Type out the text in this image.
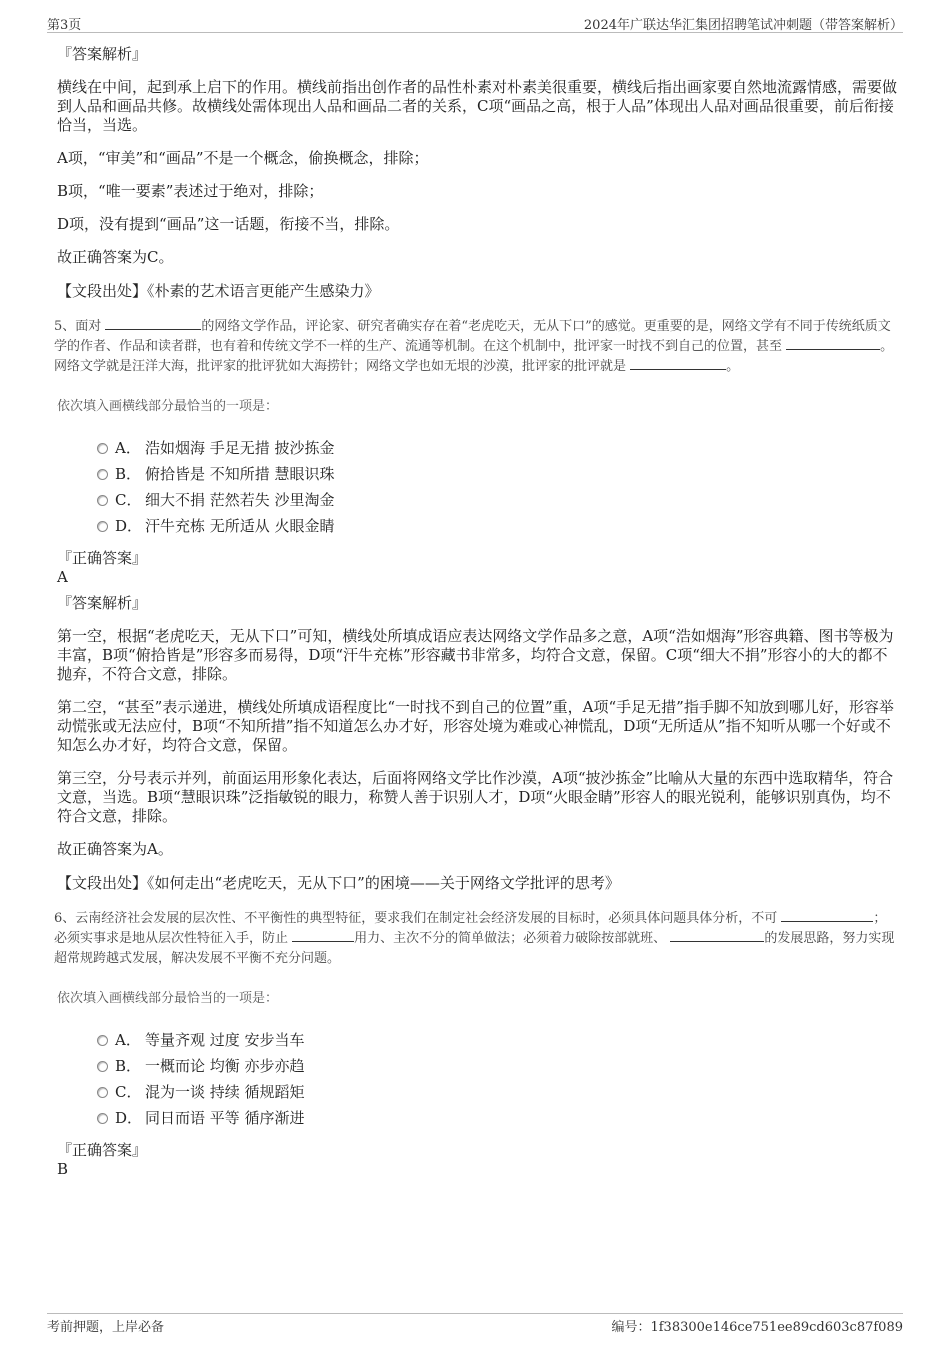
第3页	2024年广联达华汇集团招聘笔试冲刺题（带答案解析）
『答案解析』
横线在中间，起到承上启下的作用。横线前指出创作者的品性朴素对朴素美很重要，横线后指出画家要自然地流露情感，需要做到人品和画品共修。故横线处需体现出人品和画品二者的关系，C项“画品之高，根于人品”体现出人品对画品很重要，前后衔接恰当，当选。
A项，“审美”和“画品”不是一个概念，偷换概念，排除；
B项，“唯一要素”表述过于绝对，排除；
D项，没有提到“画品”这一话题，衔接不当，排除。
故正确答案为C。
【文段出处】《朴素的艺术语言更能产生感染力》
5、面对	的网络文学作品，评论家、研究者确实存在着“老虎吃天，无从下口”的感觉。更重要的是，网络文学有不同于传统纸质文学的作者、作品和读者群，也有着和传统文学不一样的生产、流通等机制。在这个机制中，批评家一时找不到自己的位置，甚至	。网络文学就是汪洋大海，批评家的批评犹如大海捞针；网络文学也如无垠的沙漠，批评家的批评就是	。
依次填入画横线部分最恰当的一项是：
A． 浩如烟海 手足无措 披沙拣金
B． 俯拾皆是 不知所措 慧眼识珠
C． 细大不捐 茫然若失 沙里淘金
D． 汗牛充栋 无所适从 火眼金睛
『正确答案』
A
『答案解析』
第一空，根据“老虎吃天，无从下口”可知，横线处所填成语应表达网络文学作品多之意，A项“浩如烟海”形容典籍、图书等极为丰富，B项“俯拾皆是”形容多而易得，D项“汗牛充栋”形容藏书非常多，均符合文意，保留。C项“细大不捐”形容小的大的都不抛弃，不符合文意，排除。
第二空，“甚至”表示递进，横线处所填成语程度比“一时找不到自己的位置”重，A项“手足无措”指手脚不知放到哪儿好，形容举动慌张或无法应付，B项“不知所措”指不知道怎么办才好，形容处境为难或心神慌乱，D项“无所适从”指不知听从哪一个好或不知怎么办才好，均符合文意，保留。
第三空，分号表示并列，前面运用形象化表达，后面将网络文学比作沙漠，A项“披沙拣金”比喻从大量的东西中选取精华，符合文意，当选。B项“慧眼识珠”泛指敏锐的眼力，称赞人善于识别人才，D项“火眼金睛”形容人的眼光锐利，能够识别真伪，均不符合文意，排除。
故正确答案为A。
【文段出处】《如何走出“老虎吃天，无从下口”的困境——关于网络文学批评的思考》
6、云南经济社会发展的层次性、不平衡性的典型特征，要求我们在制定社会经济发展的目标时，必须具体问题具体分析，不可	；必须实事求是地从层次性特征入手，防止	用力、主次不分的简单做法；必须着力破除按部就班、	的发展思路，努力实现超常规跨越式发展，解决发展不平衡不充分问题。
依次填入画横线部分最恰当的一项是：
A． 等量齐观 过度 安步当车
B． 一概而论 均衡 亦步亦趋
C． 混为一谈 持续 循规蹈矩
D． 同日而语 平等 循序渐进
『正确答案』
B
考前押题，上岸必备	编号：1f38300e146ce751ee89cd603c87f089
